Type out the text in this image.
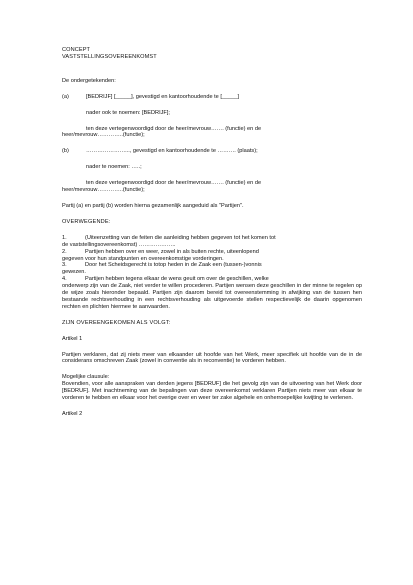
CONCEPT

VASTSTELLINGSOVEREENKOMST

De ondergetekenden:

(a)	[BEDRIJF] [_____], gevestigd en kantoorhoudende te [_____]

nader ook te noemen: [BEDRIJF];

ten deze vertegenwoordigd door de heer/mevrouw……. (functie) en de

heer/mevrouw…………..(functie);

(b)	…………………..., gevestigd en kantoorhoudende te ………. (plaats);

nader te noemen: …..;

ten deze vertegenwoordigd door de heer/mevrouw……. (functie) en de

heer/mevrouw…………..(functie);

Partij (a) en partij (b) worden hierna gezamenlijk aangeduid als "Partijen".

OVERWEGENDE:

1.	(Uiteenzetting van de feiten die aanleiding hebben gegeven tot het komen tot

de vaststellingsovereenkomst) ………………..

2.	Partijen hebben over en weer, zowel in als buiten rechte, uiteenlopend

gegeven voor hun standpunten en overeenkomstige vorderingen.

3.	Door het Scheidsgerecht is totop heden in de Zaak een (tussen-)vonnis

gewezen.

4.	Partijen hebben tegens elkaar de wens geuit om over de geschillen, welke

onderwerp zijn van de Zaak, niet verder te willen procederen. Partijen wensen deze geschillen in der minne te regelen op de wijze zoals hieronder bepaald. Partijen zijn daarom bereid tot overeenstemming in afwijking van de tussen hen bestaande rechtsverhouding in een rechtsverhouding als uitgevoerde stellen respectievelijk de daarin opgenomen rechten en plichten hiermee te aanvaarden.

ZIJN OVEREENGEKOMEN ALS VOLGT:

Artikel 1

Partijen verklaren, dat zij niets meer van elkaander uit hoofde van het Werk, meer specifiek uit hoofde van de in de considerans omschreven Zaak (zowel in conventie als in reconventie) te vorderen hebben.

Mogelijke clausule:

Bovendien, voor alle aanspraken van derden jegens [BEDRUF] die het gevolg zijn van de uitvoering van het Werk door [BEDRUF]. Met inachtneming van de bepalingen van deze overeenkomst verklaren Partijen niets meer van elkaar te vorderen te hebben en elkaar voor het overige over en weer ter zake algehele en onherroepelijke kwijting te verlenen.

Artikel 2
